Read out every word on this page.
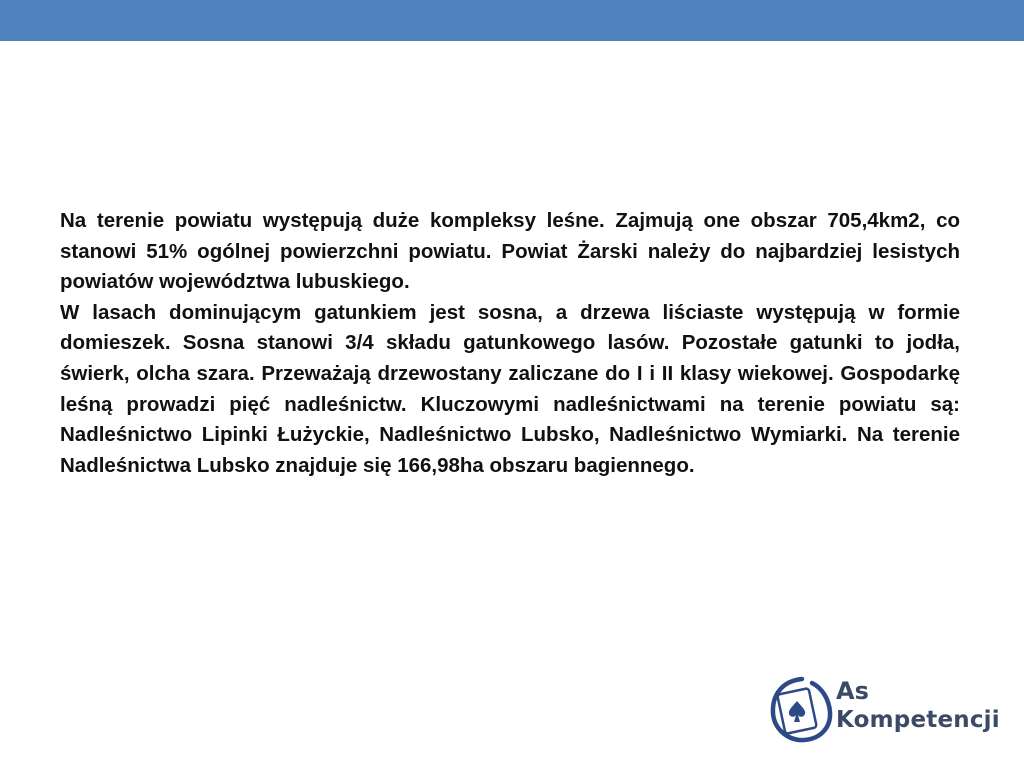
Na terenie powiatu występują duże kompleksy leśne. Zajmują one obszar 705,4km2, co stanowi 51% ogólnej powierzchni powiatu. Powiat Żarski należy do najbardziej lesistych powiatów województwa lubuskiego.
W lasach dominującym gatunkiem jest sosna, a drzewa liściaste występują w formie domieszek. Sosna stanowi 3/4 składu gatunkowego lasów. Pozostałe gatunki to jodła, świerk, olcha szara. Przeważają drzewostany zaliczane do I i II klasy wiekowej. Gospodarkę leśną prowadzi pięć nadleśnictw. Kluczowymi nadleśnictwami na terenie powiatu są: Nadleśnictwo Lipinki Łużyckie, Nadleśnictwo Lubsko, Nadleśnictwo Wymiarki. Na terenie Nadleśnictwa Lubsko znajduje się 166,98ha obszaru bagiennego.

As
Kompetencji
